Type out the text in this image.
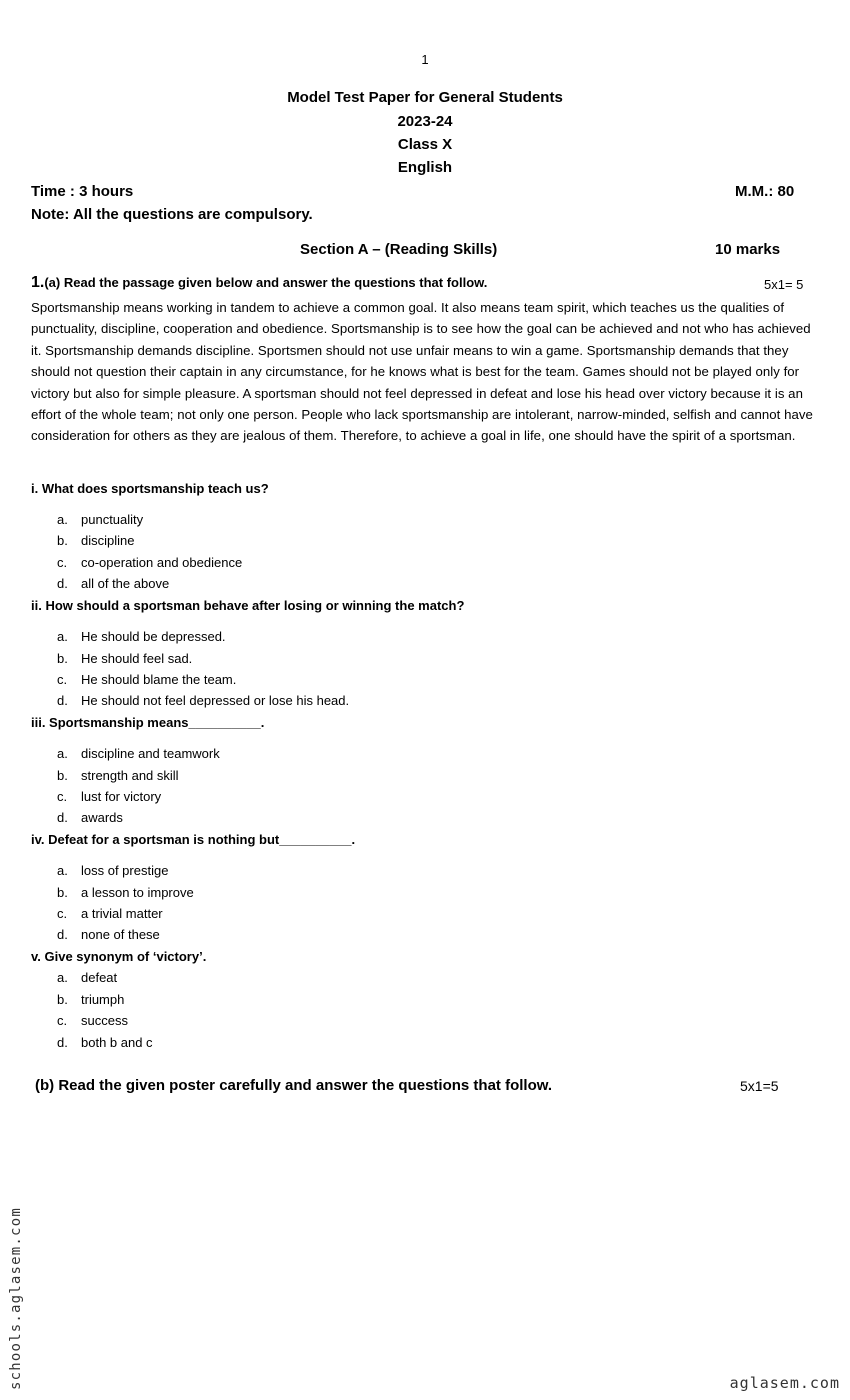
1
Model Test Paper for General Students
2023-24
Class X
English
Time : 3 hours	M.M.: 80
Note: All the questions are compulsory.
Section A – (Reading Skills)	10 marks
1.(a) Read the passage given below and answer the questions that follow.	5x1= 5
Sportsmanship means working in tandem to achieve a common goal. It also means team spirit, which teaches us the qualities of punctuality, discipline, cooperation and obedience. Sportsmanship is to see how the goal can be achieved and not who has achieved it. Sportsmanship demands discipline. Sportsmen should not use unfair means to win a game. Sportsmanship demands that they should not question their captain in any circumstance, for he knows what is best for the team. Games should not be played only for victory but also for simple pleasure. A sportsman should not feel depressed in defeat and lose his head over victory because it is an effort of the whole team; not only one person. People who lack sportsmanship are intolerant, narrow-minded, selfish and cannot have consideration for others as they are jealous of them. Therefore, to achieve a goal in life, one should have the spirit of a sportsman.
i. What does sportsmanship teach us?
a. punctuality
b. discipline
c. co-operation and obedience
d. all of the above
ii. How should a sportsman behave after losing or winning the match?
a. He should be depressed.
b. He should feel sad.
c. He should blame the team.
d. He should not feel depressed or lose his head.
iii. Sportsmanship means__________.
a. discipline and teamwork
b. strength and skill
c. lust for victory
d. awards
iv. Defeat for a sportsman is nothing but__________.
a. loss of prestige
b. a lesson to improve
c. a trivial matter
d. none of these
v. Give synonym of ‘victory’.
a. defeat
b. triumph
c. success
d. both b and c
(b) Read the given poster carefully and answer the questions that follow.	5x1=5
schools.aglasem.com	aglasem.com
